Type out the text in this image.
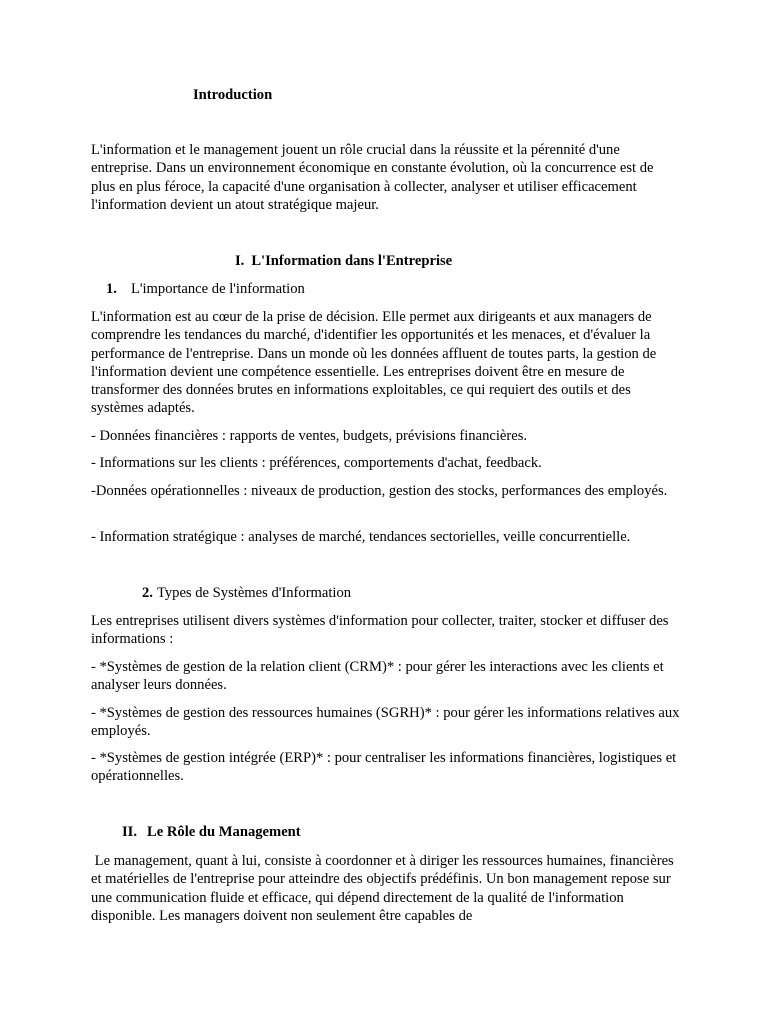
Introduction

L'information et le management jouent un rôle crucial dans la réussite et la pérennité d'une entreprise. Dans un environnement économique en constante évolution, où la concurrence est de plus en plus féroce, la capacité d'une organisation à collecter, analyser et utiliser efficacement l'information devient un atout stratégique majeur.

I. L'Information dans l'Entreprise

1. L'importance de l'information

L'information est au cœur de la prise de décision. Elle permet aux dirigeants et aux managers de comprendre les tendances du marché, d'identifier les opportunités et les menaces, et d'évaluer la performance de l'entreprise. Dans un monde où les données affluent de toutes parts, la gestion de l'information devient une compétence essentielle. Les entreprises doivent être en mesure de transformer des données brutes en informations exploitables, ce qui requiert des outils et des systèmes adaptés.

- Données financières : rapports de ventes, budgets, prévisions financières.

- Informations sur les clients : préférences, comportements d'achat, feedback.

-Données opérationnelles : niveaux de production, gestion des stocks, performances des employés.

- Information stratégique : analyses de marché, tendances sectorielles, veille concurrentielle.

2. Types de Systèmes d'Information

Les entreprises utilisent divers systèmes d'information pour collecter, traiter, stocker et diffuser des informations :

- *Systèmes de gestion de la relation client (CRM)* : pour gérer les interactions avec les clients et analyser leurs données.

- *Systèmes de gestion des ressources humaines (SGRH)* : pour gérer les informations relatives aux employés.

- *Systèmes de gestion intégrée (ERP)* : pour centraliser les informations financières, logistiques et opérationnelles.

II. Le Rôle du Management

Le management, quant à lui, consiste à coordonner et à diriger les ressources humaines, financières et matérielles de l'entreprise pour atteindre des objectifs prédéfinis. Un bon management repose sur une communication fluide et efficace, qui dépend directement de la qualité de l'information disponible. Les managers doivent non seulement être capables de
